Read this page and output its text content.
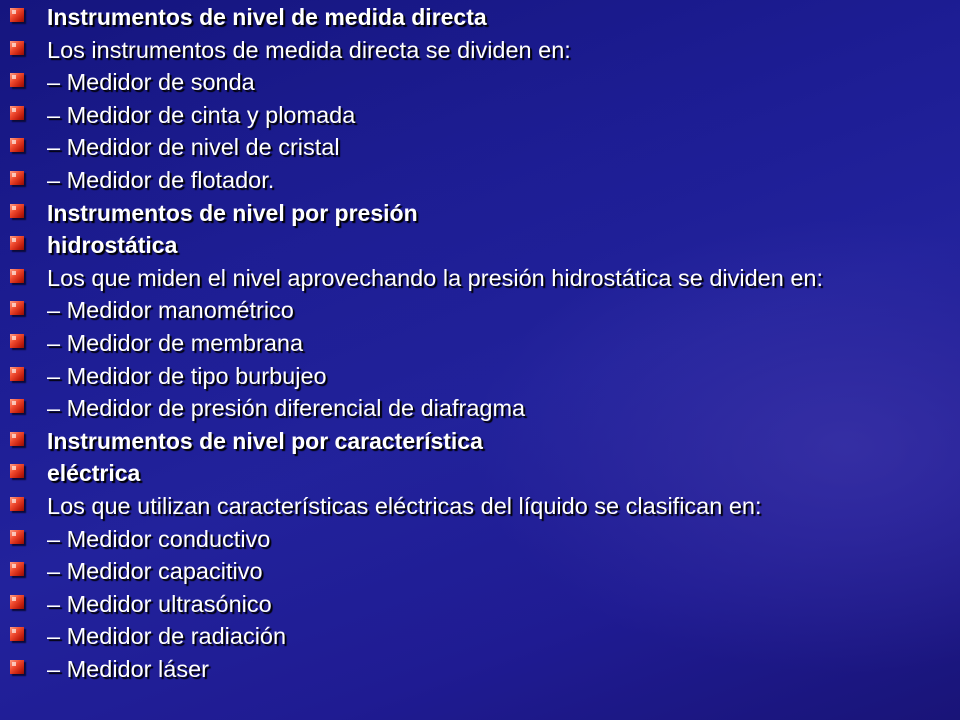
Instrumentos de nivel de medida directa
Los instrumentos de medida directa se dividen en:
– Medidor de sonda
– Medidor de cinta y plomada
– Medidor de nivel de cristal
– Medidor de flotador.
Instrumentos de nivel por presión
hidrostática
Los que miden el nivel aprovechando la presión hidrostática se dividen en:
– Medidor manométrico
– Medidor de membrana
– Medidor de tipo burbujeo
– Medidor de presión diferencial de diafragma
Instrumentos de nivel por característica
eléctrica
Los que utilizan características eléctricas del líquido se clasifican en:
– Medidor conductivo
– Medidor capacitivo
– Medidor ultrasónico
– Medidor de radiación
– Medidor láser
